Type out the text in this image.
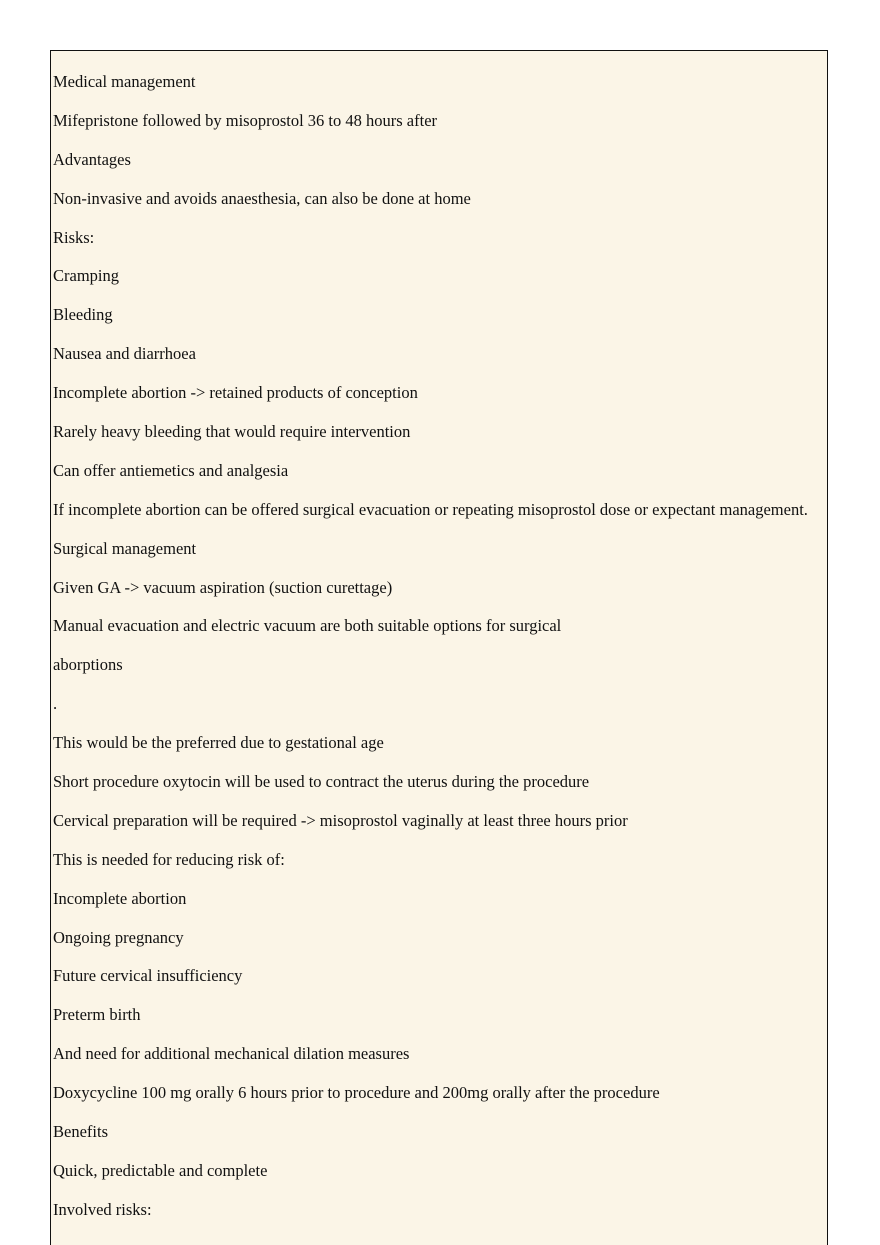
Medical management
Mifepristone followed by misoprostol 36 to 48 hours after
Advantages
Non-invasive and avoids anaesthesia, can also be done at home
Risks:
Cramping
Bleeding
Nausea and diarrhoea
Incomplete abortion -> retained products of conception
Rarely heavy bleeding that would require intervention
Can offer antiemetics and analgesia
If incomplete abortion can be offered surgical evacuation or repeating misoprostol dose or expectant management.
Surgical management
Given GA -> vacuum aspiration (suction curettage)
Manual evacuation and electric vacuum are both suitable options for surgical
aborptions
.
This would be the preferred due to gestational age
Short procedure oxytocin will be used to contract the uterus during the procedure
Cervical preparation will be required -> misoprostol vaginally at least three hours prior
This is needed for reducing risk of:
Incomplete abortion
Ongoing pregnancy
Future cervical insufficiency
Preterm birth
And need for additional mechanical dilation measures
Doxycycline 100 mg orally 6 hours prior to procedure and 200mg orally after the procedure
Benefits
Quick, predictable and complete
Involved risks:
